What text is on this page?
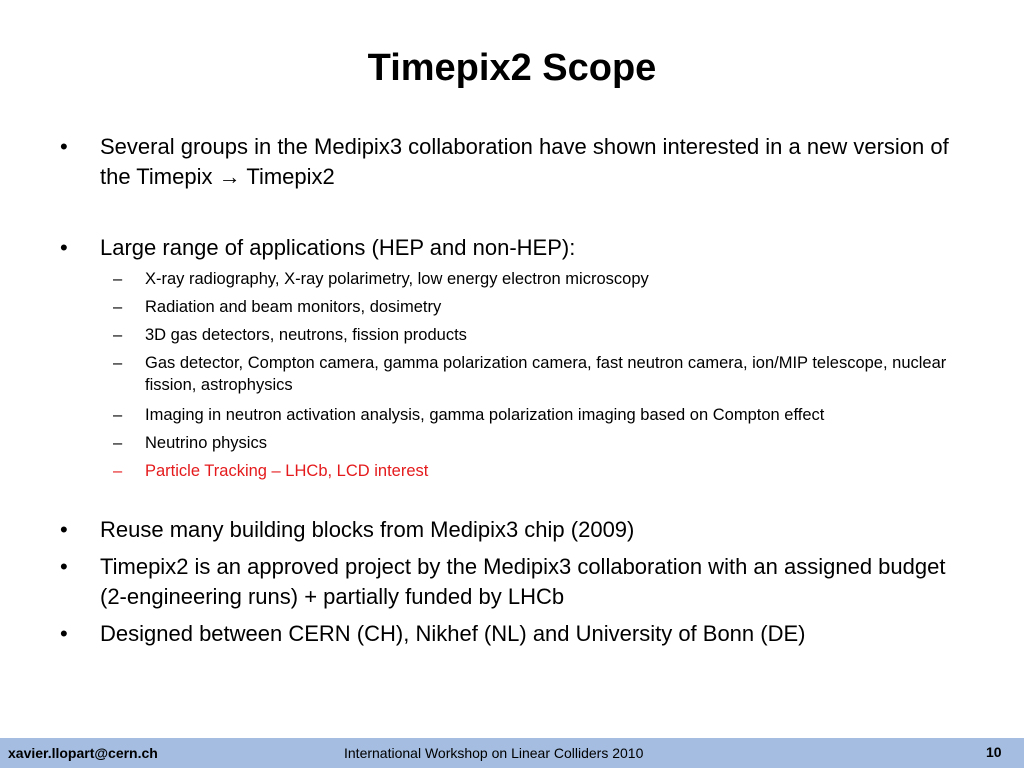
Timepix2 Scope
•	Several groups in the Medipix3 collaboration have shown interested in a new version of the Timepix → Timepix2
•	Large range of applications (HEP and non-HEP):
– X-ray radiography, X-ray polarimetry, low energy electron microscopy
– Radiation and beam monitors, dosimetry
– 3D gas detectors, neutrons, fission products
– Gas detector, Compton camera, gamma polarization camera, fast neutron camera, ion/MIP telescope, nuclear fission, astrophysics
– Imaging in neutron activation analysis, gamma polarization imaging based on Compton effect
– Neutrino physics
– Particle Tracking – LHCb, LCD interest
•	Reuse many building blocks from Medipix3 chip (2009)
•	Timepix2 is an approved project by the Medipix3 collaboration with an assigned budget (2-engineering runs) + partially funded by LHCb
•	Designed between CERN (CH), Nikhef (NL) and University of Bonn (DE)
xavier.llopart@cern.ch	International Workshop on Linear Colliders 2010	10
